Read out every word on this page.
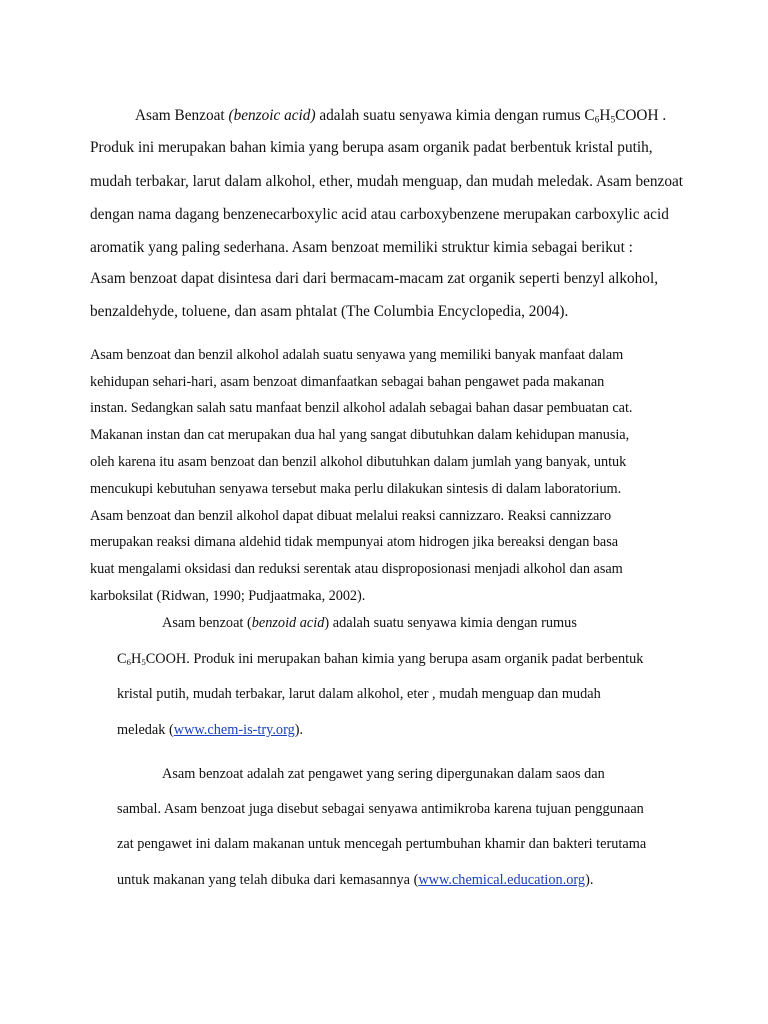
Asam Benzoat (benzoic acid) adalah suatu senyawa kimia dengan rumus $C_6H_5COOH$ .

Produk ini merupakan bahan kimia yang berupa asam organik padat berbentuk kristal putih,

mudah terbakar, larut dalam alkohol, ether, mudah menguap, dan mudah meledak. Asam benzoat

dengan nama dagang benzenecarboxylic acid atau carboxybenzene merupakan carboxylic acid

aromatik yang paling sederhana. Asam benzoat memiliki struktur kimia sebagai berikut :

Asam benzoat dapat disintesa dari dari bermacam-macam zat organik seperti benzyl alkohol,

benzaldehyde, toluene, dan asam phtalat (The Columbia Encyclopedia, 2004).

Asam benzoat dan benzil alkohol adalah suatu senyawa yang memiliki banyak manfaat dalam

kehidupan sehari-hari, asam benzoat dimanfaatkan sebagai bahan pengawet pada makanan

instan. Sedangkan salah satu manfaat benzil alkohol adalah sebagai bahan dasar pembuatan cat.

Makanan instan dan cat merupakan dua hal yang sangat dibutuhkan dalam kehidupan manusia,

oleh karena itu asam benzoat dan benzil alkohol dibutuhkan dalam jumlah yang banyak, untuk

mencukupi kebutuhan senyawa tersebut maka perlu dilakukan sintesis di dalam laboratorium.

Asam benzoat dan benzil alkohol dapat dibuat melalui reaksi cannizzaro. Reaksi cannizzaro

merupakan reaksi dimana aldehid tidak mempunyai atom hidrogen jika bereaksi dengan basa

kuat mengalami oksidasi dan reduksi serentak atau disproposionasi menjadi alkohol dan asam

karboksilat (Ridwan, 1990; Pudjaatmaka, 2002).

Asam benzoat (benzoid acid) adalah suatu senyawa kimia dengan rumus

$C_6H_5COOH$. Produk ini merupakan bahan kimia yang berupa asam organik padat berbentuk

kristal putih, mudah terbakar, larut dalam alkohol, eter , mudah menguap dan mudah

meledak (www.chem-is-try.org).

Asam benzoat adalah zat pengawet yang sering dipergunakan dalam saos dan

sambal. Asam benzoat juga disebut sebagai senyawa antimikroba karena tujuan penggunaan

zat pengawet ini dalam makanan untuk mencegah pertumbuhan khamir dan bakteri terutama

untuk makanan yang telah dibuka dari kemasannya (www.chemical.education.org).
